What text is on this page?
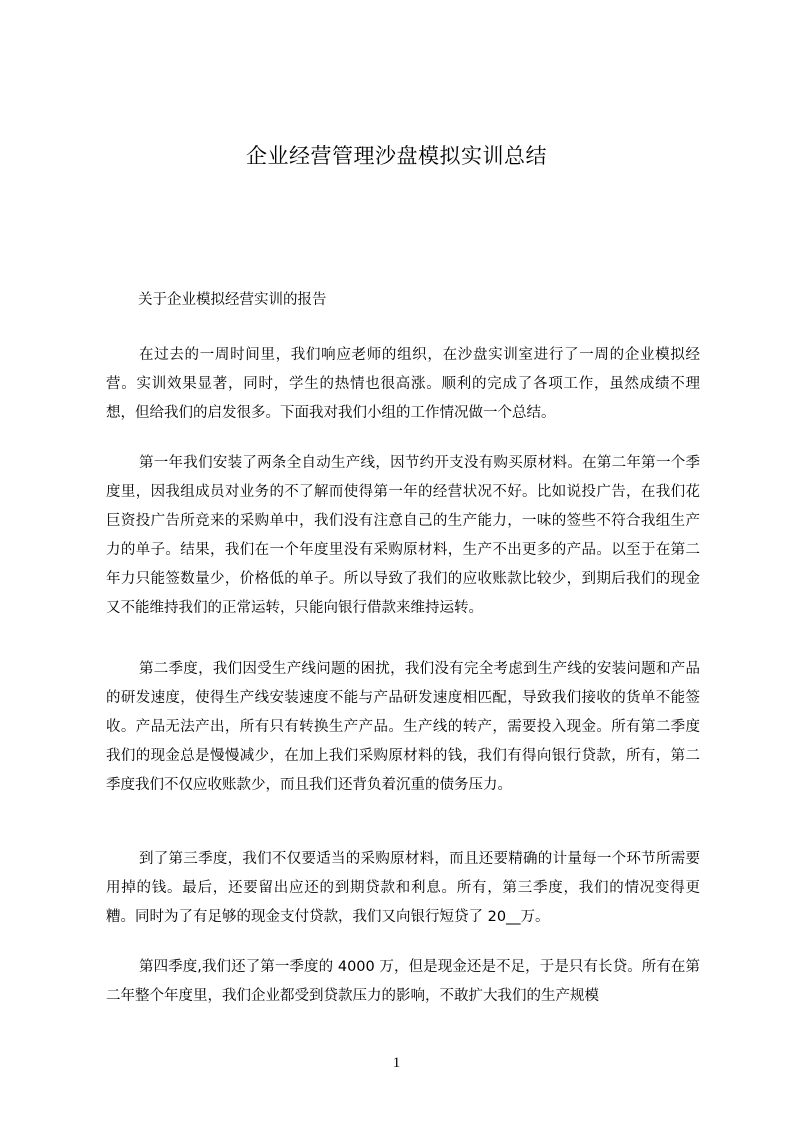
企业经营管理沙盘模拟实训总结
关于企业模拟经营实训的报告

在过去的一周时间里，我们响应老师的组织，在沙盘实训室进行了一周的企业模拟经营。实训效果显著，同时，学生的热情也很高涨。顺利的完成了各项工作，虽然成绩不理想，但给我们的启发很多。下面我对我们小组的工作情况做一个总结。

第一年我们安装了两条全自动生产线，因节约开支没有购买原材料。在第二年第一个季度里，因我组成员对业务的不了解而使得第一年的经营状况不好。比如说投广告，在我们花巨资投广告所竞来的采购单中，我们没有注意自己的生产能力，一味的签些不符合我组生产力的单子。结果，我们在一个年度里没有采购原材料，生产不出更多的产品。以至于在第二年力只能签数量少，价格低的单子。所以导致了我们的应收账款比较少，到期后我们的现金又不能维持我们的正常运转，只能向银行借款来维持运转。

第二季度，我们因受生产线问题的困扰，我们没有完全考虑到生产线的安装问题和产品的研发速度，使得生产线安装速度不能与产品研发速度相匹配，导致我们接收的货单不能签收。产品无法产出，所有只有转换生产产品。生产线的转产，需要投入现金。所有第二季度我们的现金总是慢慢减少，在加上我们采购原材料的钱，我们有得向银行贷款，所有，第二季度我们不仅应收账款少，而且我们还背负着沉重的债务压力。

到了第三季度，我们不仅要适当的采购原材料，而且还要精确的计量每一个环节所需要用掉的钱。最后，还要留出应还的到期贷款和利息。所有，第三季度，我们的情况变得更糟。同时为了有足够的现金支付贷款，我们又向银行短贷了 20__万。

第四季度,我们还了第一季度的 4000 万，但是现金还是不足，于是只有长贷。所有在第二年整个年度里，我们企业都受到贷款压力的影响，不敢扩大我们的生产规模

1
